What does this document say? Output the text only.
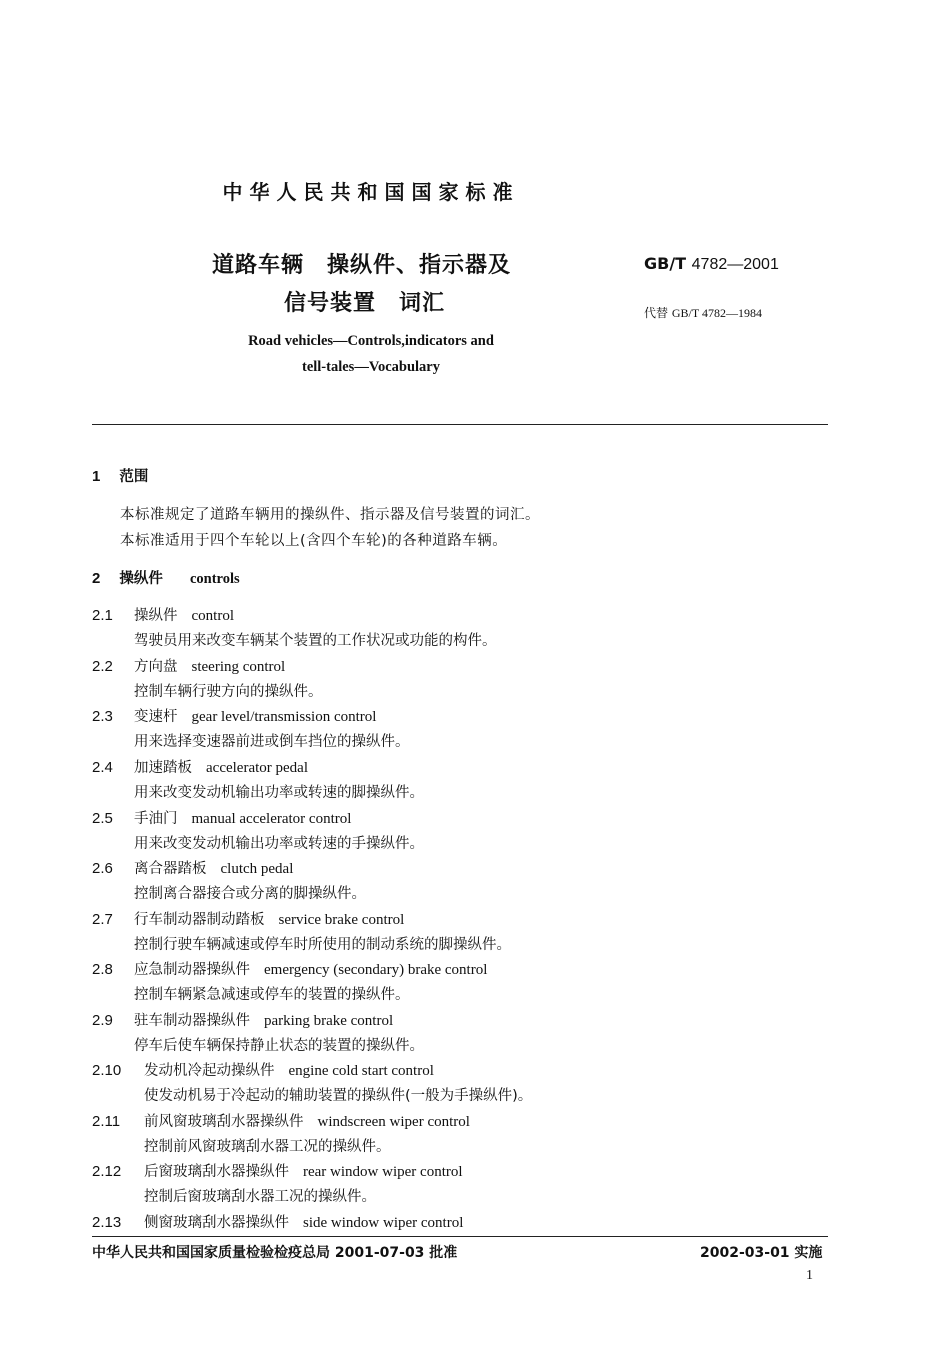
中华人民共和国国家标准
道路车辆　操纵件、指示器及
信号装置　词汇
Road vehicles—Controls,indicators and
tell-tales—Vocabulary
GB/T 4782—2001
代替 GB/T 4782—1984
1 范围
本标准规定了道路车辆用的操纵件、指示器及信号装置的词汇。
本标准适用于四个车轮以上(含四个车轮)的各种道路车辆。
2 操纵件 controls
2.1 操纵件 control
驾驶员用来改变车辆某个装置的工作状况或功能的构件。
2.2 方向盘 steering control
控制车辆行驶方向的操纵件。
2.3 变速杆 gear level/transmission control
用来选择变速器前进或倒车挡位的操纵件。
2.4 加速踏板 accelerator pedal
用来改变发动机输出功率或转速的脚操纵件。
2.5 手油门 manual accelerator control
用来改变发动机输出功率或转速的手操纵件。
2.6 离合器踏板 clutch pedal
控制离合器接合或分离的脚操纵件。
2.7 行车制动器制动踏板 service brake control
控制行驶车辆减速或停车时所使用的制动系统的脚操纵件。
2.8 应急制动器操纵件 emergency (secondary) brake control
控制车辆紧急减速或停车的装置的操纵件。
2.9 驻车制动器操纵件 parking brake control
停车后使车辆保持静止状态的装置的操纵件。
2.10 发动机冷起动操纵件 engine cold start control
使发动机易于冷起动的辅助装置的操纵件(一般为手操纵件)。
2.11 前风窗玻璃刮水器操纵件 windscreen wiper control
控制前风窗玻璃刮水器工况的操纵件。
2.12 后窗玻璃刮水器操纵件 rear window wiper control
控制后窗玻璃刮水器工况的操纵件。
2.13 侧窗玻璃刮水器操纵件 side window wiper control
中华人民共和国国家质量检验检疫总局 2001-07-03 批准	2002-03-01 实施
1
